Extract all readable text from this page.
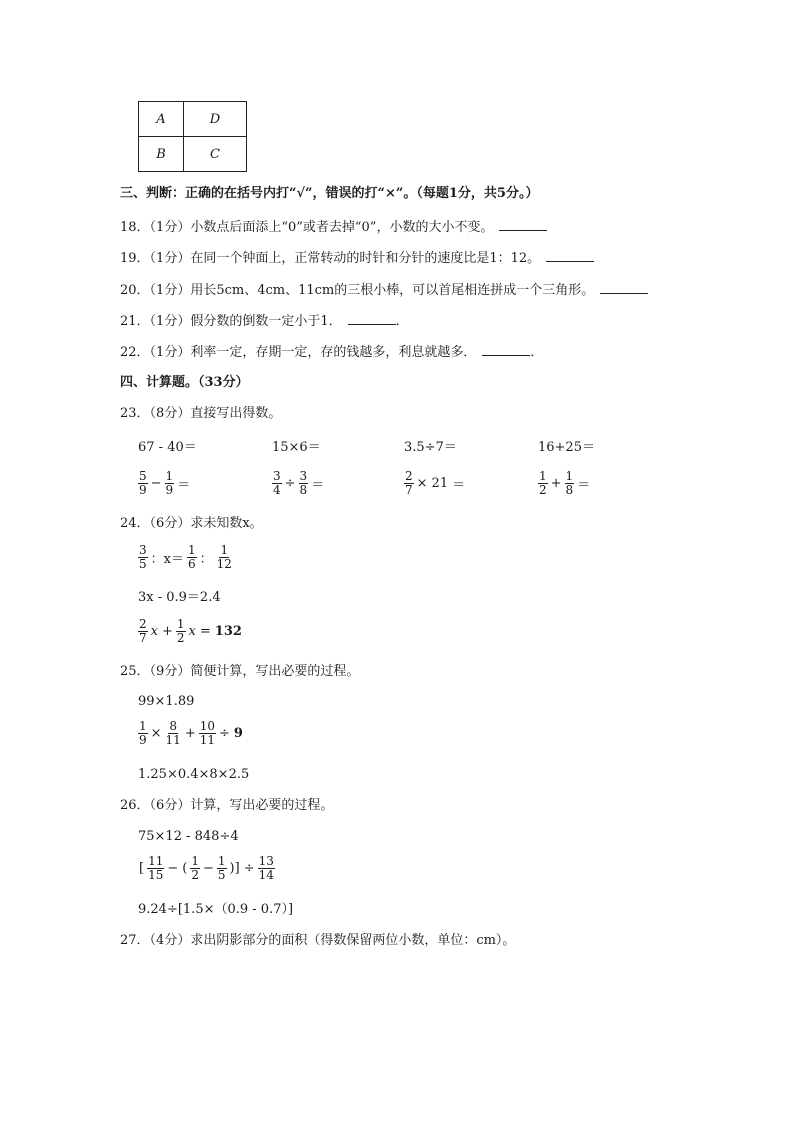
A	D
B	C
三、判断：正确的在括号内打“√”，错误的打“×”。（每题1分，共5分。）
18．（1分）小数点后面添上“0”或者去掉“0”，小数的大小不变。
19．（1分）在同一个钟面上，正常转动的时针和分针的速度比是1：12。
20．（1分）用长5cm、4cm、11cm的三根小棒，可以首尾相连拼成一个三角形。
21．（1分）假分数的倒数一定小于1．	．
22．（1分）利率一定，存期一定，存的钱越多，利息就越多．	．
四、计算题。（33分）
23．（8分）直接写出得数。
67 - 40＝	15×6＝	3.5÷7＝	16+25＝
$\frac{5}{9} - \frac{1}{9}$ ＝	$\frac{3}{4} \div \frac{3}{8}$ ＝	$\frac{2}{7} \times 21$ ＝	$\frac{1}{2} + \frac{1}{8}$ ＝
24．（6分）求未知数x。
$\frac{3}{5}$ ：$x= \frac{1}{6}$ ： $\frac{1}{12}$
3x - 0.9＝2.4
$\frac{2}{7}$ $x + \frac{1}{2}$ x = 132
25．（9分）简便计算，写出必要的过程。
99×1.89
$\frac{1}{9} \times \frac{8}{11} + \frac{10}{11} \div 9$
1.25×0.4×8×2.5
26．（6分）计算，写出必要的过程。
75×12 - 848÷4
[ $\frac{11}{15}$ − ( $\frac{1}{2} - \frac{1}{5}$ )] ÷ $\frac{13}{14}$
9.24÷[1.5×（0.9 - 0.7）]
27．（4分）求出阴影部分的面积（得数保留两位小数，单位：cm）。
